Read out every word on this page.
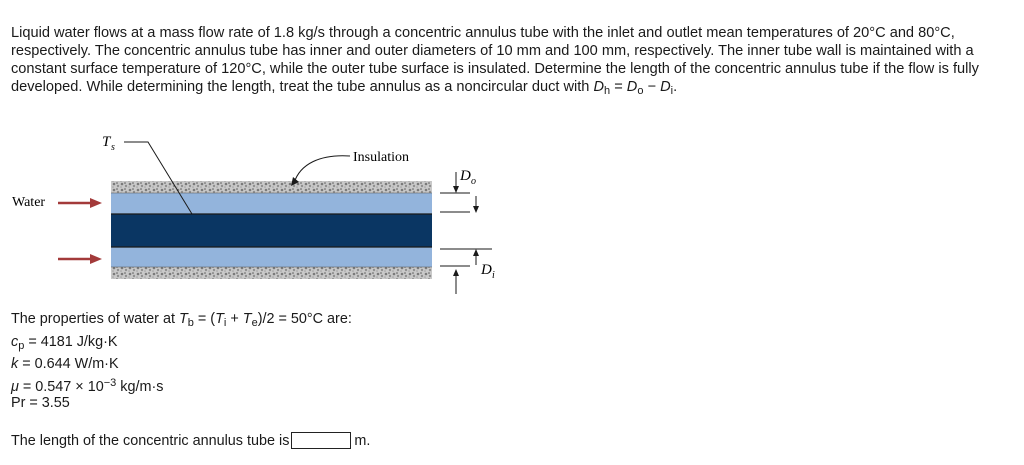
Liquid water flows at a mass flow rate of 1.8 kg/s through a concentric annulus tube with the inlet and outlet mean temperatures of 20°C and 80°C, respectively. The concentric annulus tube has inner and outer diameters of 10 mm and 100 mm, respectively. The inner tube wall is maintained with a constant surface temperature of 120°C, while the outer tube surface is insulated. Determine the length of the concentric annulus tube if the flow is fully developed. While determining the length, treat the tube annulus as a noncircular duct with $D_h = D_o - D_i$.

T s
Insulation
Water
D o
D i
The properties of water at $T_b = (T_i + T_e)/2 = 50^\circ C$ are:
$c_p = 4181$ J/kg·K
k = 0.644 W/m·K
$\mu = 0.547 \times 10^{-3}$ kg/m·s
Pr = 3.55
The length of the concentric annulus tube is	m.
